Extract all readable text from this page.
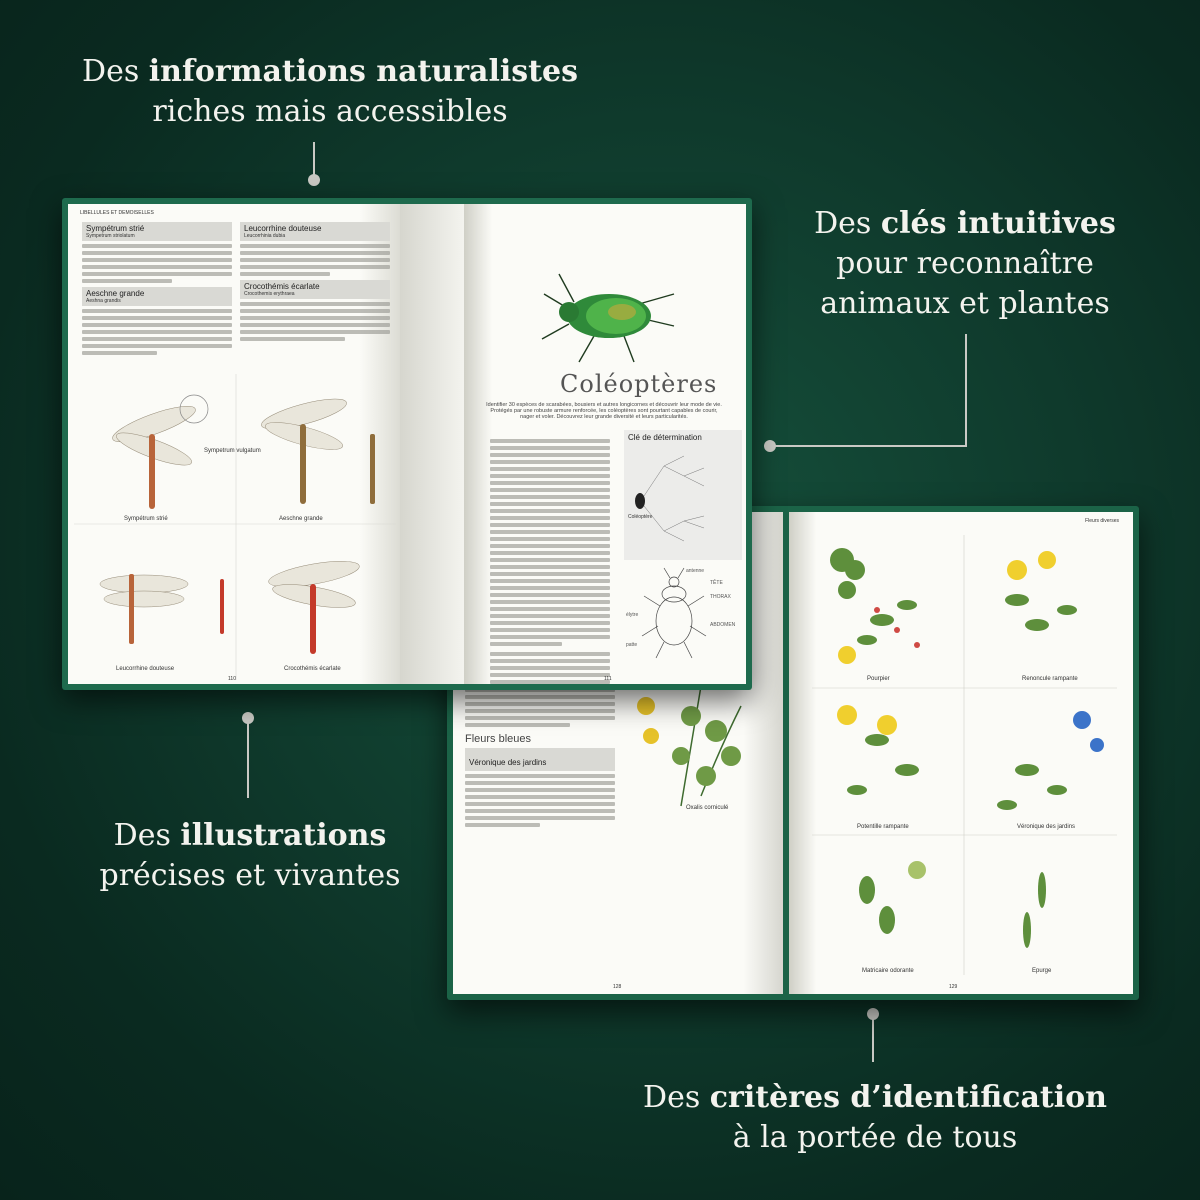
Des informations naturalistes
riches mais accessibles
Des clés intuitives
pour reconnaître
animaux et plantes
Des illustrations
précises et vivantes
Des critères d’identification
à la portée de tous
Fleurs bleues
Véronique des jardins
Oxalis corniculé
128
Fleurs diverses
Pourpier	Renoncule rampante
Potentille rampante	Véronique des jardins
Matricaire odorante	Epurge
129
LIBELLULES ET DEMOISELLES
Sympétrum strié
Sympetrum striolatum
Aeschne grande
Aeshna grandis
Leucorrhine douteuse
Leucorrhinia dubia
Crocothémis écarlate
Crocothemis erythraea
Sympetrum vulgatum
Sympétrum strié	Aeschne grande
Leucorrhine douteuse	Crocothémis écarlate
110
Coléoptères
Identifier 30 espèces de scarabées, bousiers et autres longicornes et découvrir leur mode de vie. Protégés par une robuste armure renforcée, les coléoptères sont pourtant capables de courir, nager et voler. Découvrez leur grande diversité et leurs particularités.
Clé de détermination
Coléoptère
TÊTE
THORAX
ABDOMEN
antenne
élytre
patte
111
